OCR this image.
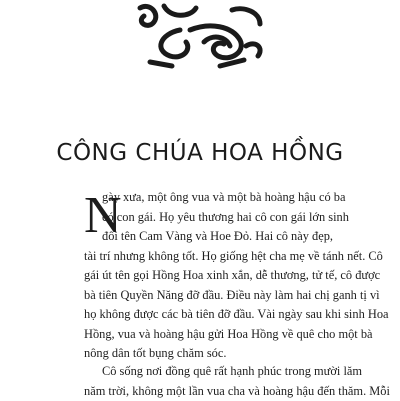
CÔNG CHÚA HOA HỒNG
N
gày xưa, một ông vua và một bà hoàng hậu có ba
có con gái. Họ yêu thương hai cô con gái lớn sinh
đôi tên Cam Vàng và Hoe Đỏ. Hai cô này đẹp,
tài trí nhưng không tốt. Họ giống hệt cha mẹ về tánh nết. Cô
gái út tên gọi Hồng Hoa xinh xắn, dễ thương, tử tế, cô được
bà tiên Quyền Năng đỡ đầu. Điều này làm hai chị ganh tị vì
họ không được các bà tiên đỡ đầu. Vài ngày sau khi sinh Hoa
Hồng, vua và hoàng hậu gửi Hoa Hồng về quê cho một bà
nông dân tốt bụng chăm sóc.
Cô sống nơi đồng quê rất hạnh phúc trong mười lăm
năm trời, không một lần vua cha và hoàng hậu đến thăm. Mỗi
